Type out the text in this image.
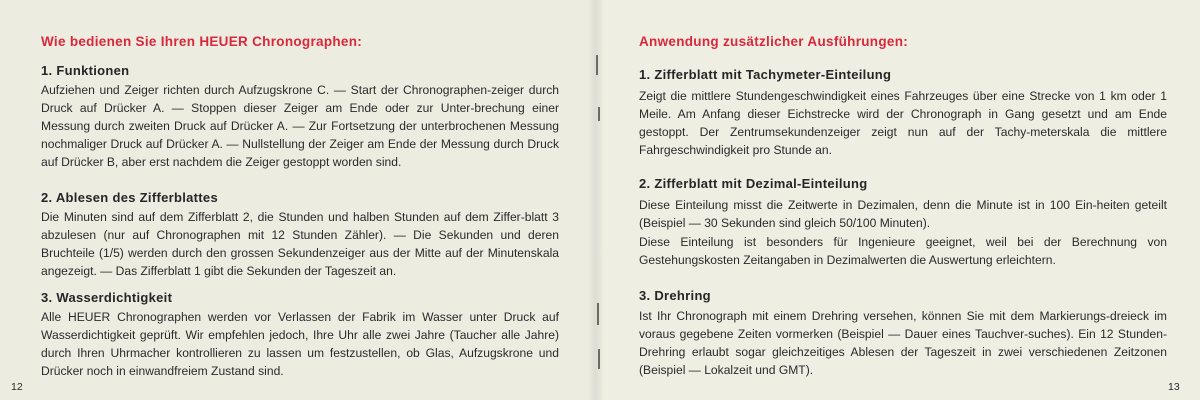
Wie bedienen Sie Ihren HEUER Chronographen:
1. Funktionen

Aufziehen und Zeiger richten durch Aufzugskrone C. — Start der Chronographen-zeiger durch Druck auf Drücker A. — Stoppen dieser Zeiger am Ende oder zur Unter-brechung einer Messung durch zweiten Druck auf Drücker A. — Zur Fortsetzung der unterbrochenen Messung nochmaliger Druck auf Drücker A. — Nullstellung der Zeiger am Ende der Messung durch Druck auf Drücker B, aber erst nachdem die Zeiger gestoppt worden sind.

2. Ablesen des Zifferblattes

Die Minuten sind auf dem Zifferblatt 2, die Stunden und halben Stunden auf dem Ziffer-blatt 3 abzulesen (nur auf Chronographen mit 12 Stunden Zähler). — Die Sekunden und deren Bruchteile (1/5) werden durch den grossen Sekundenzeiger aus der Mitte auf der Minutenskala angezeigt. — Das Zifferblatt 1 gibt die Sekunden der Tageszeit an.

3. Wasserdichtigkeit

Alle HEUER Chronographen werden vor Verlassen der Fabrik im Wasser unter Druck auf Wasserdichtigkeit geprüft. Wir empfehlen jedoch, Ihre Uhr alle zwei Jahre (Taucher alle Jahre) durch Ihren Uhrmacher kontrollieren zu lassen um festzustellen, ob Glas, Aufzugskrone und Drücker noch in einwandfreiem Zustand sind.

12
Anwendung zusätzlicher Ausführungen:
1. Zifferblatt mit Tachymeter-Einteilung

Zeigt die mittlere Stundengeschwindigkeit eines Fahrzeuges über eine Strecke von 1 km oder 1 Meile. Am Anfang dieser Eichstrecke wird der Chronograph in Gang gesetzt und am Ende gestoppt. Der Zentrumsekundenzeiger zeigt nun auf der Tachy-meterskala die mittlere Fahrgeschwindigkeit pro Stunde an.

2. Zifferblatt mit Dezimal-Einteilung

Diese Einteilung misst die Zeitwerte in Dezimalen, denn die Minute ist in 100 Ein-heiten geteilt (Beispiel — 30 Sekunden sind gleich 50/100 Minuten).

Diese Einteilung ist besonders für Ingenieure geeignet, weil bei der Berechnung von Gestehungskosten Zeitangaben in Dezimalwerten die Auswertung erleichtern.

3. Drehring

Ist Ihr Chronograph mit einem Drehring versehen, können Sie mit dem Markierungs-dreieck im voraus gegebene Zeiten vormerken (Beispiel — Dauer eines Tauchver-suches). Ein 12 Stunden-Drehring erlaubt sogar gleichzeitiges Ablesen der Tageszeit in zwei verschiedenen Zeitzonen (Beispiel — Lokalzeit und GMT).

13
